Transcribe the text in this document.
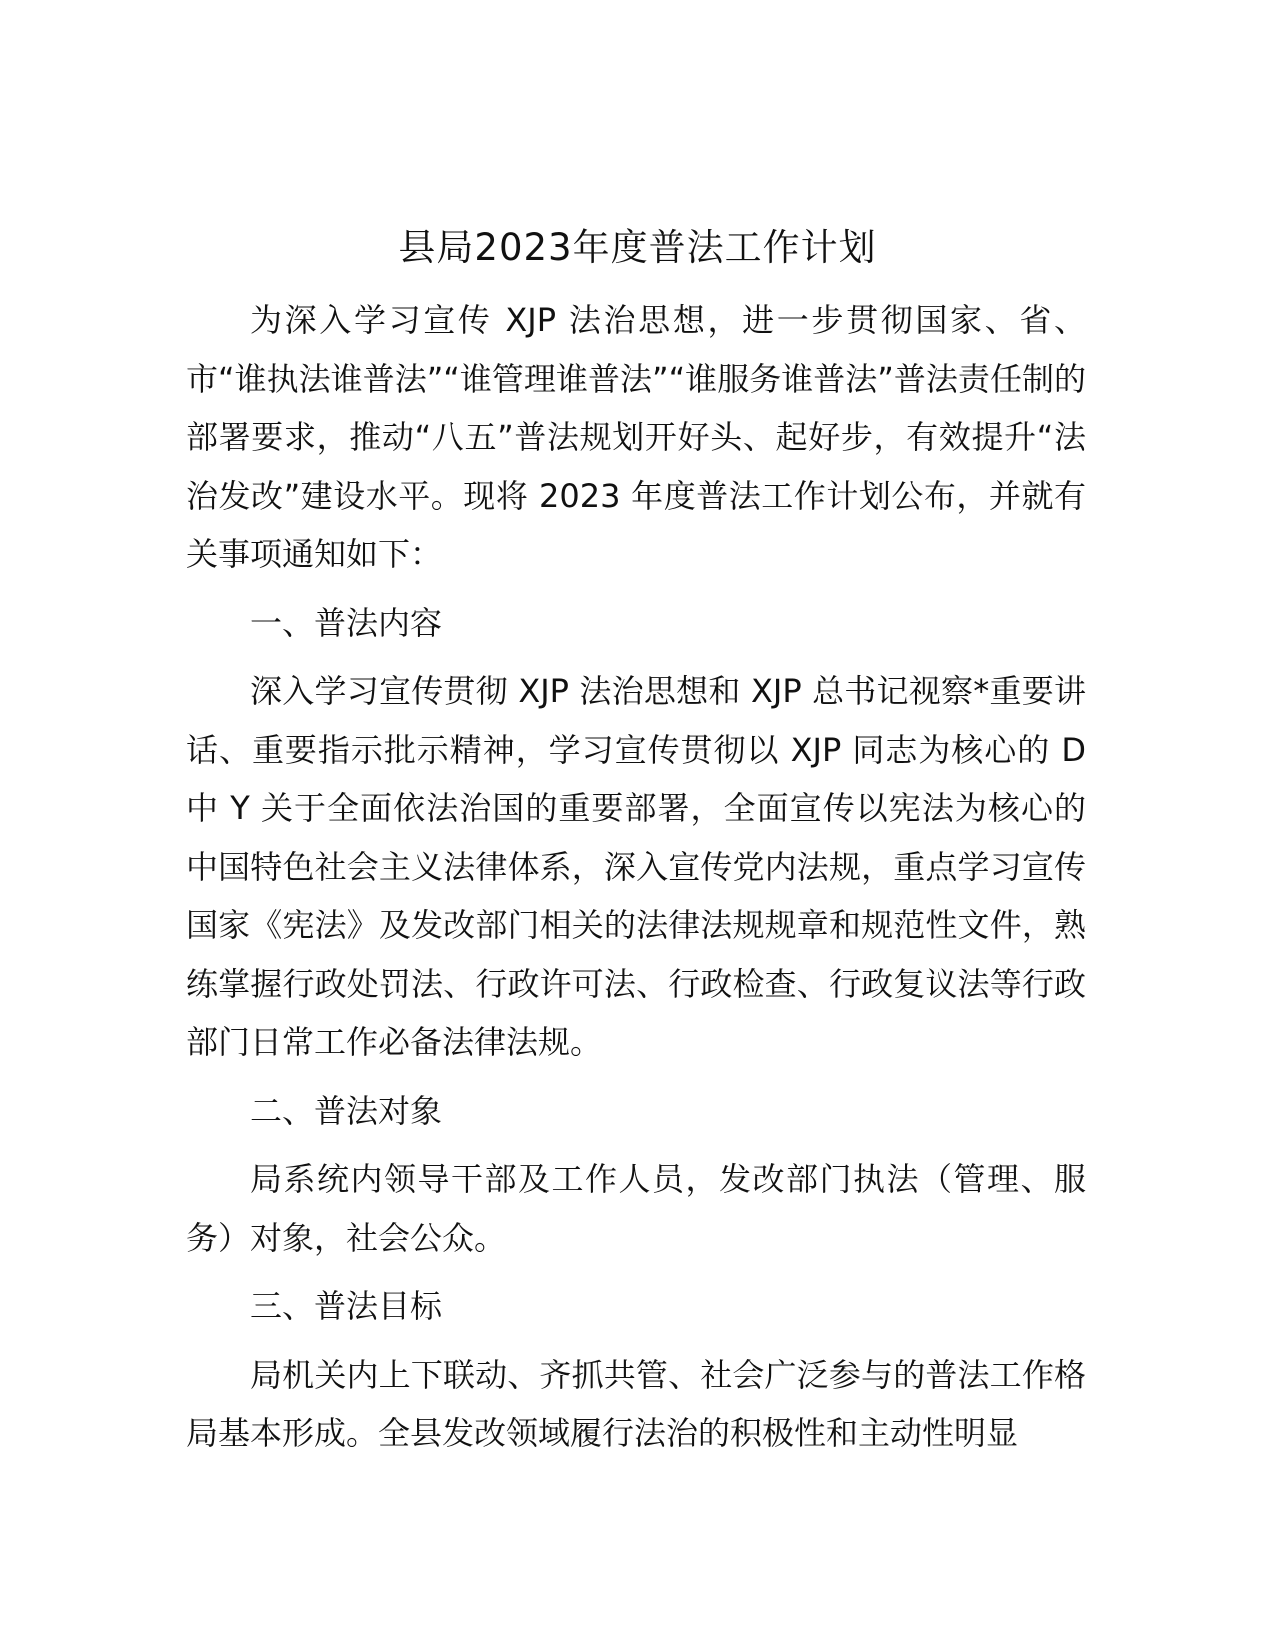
县局2023年度普法工作计划

为深入学习宣传 XJP 法治思想，进一步贯彻国家、省、市“谁执法谁普法”“谁管理谁普法”“谁服务谁普法”普法责任制的部署要求，推动“八五”普法规划开好头、起好步，有效提升“法治发改”建设水平。现将 2023 年度普法工作计划公布，并就有关事项通知如下：

一、普法内容

深入学习宣传贯彻 XJP 法治思想和 XJP 总书记视察*重要讲话、重要指示批示精神，学习宣传贯彻以 XJP 同志为核心的 D 中 Y 关于全面依法治国的重要部署，全面宣传以宪法为核心的中国特色社会主义法律体系，深入宣传党内法规，重点学习宣传国家《宪法》及发改部门相关的法律法规规章和规范性文件，熟练掌握行政处罚法、行政许可法、行政检查、行政复议法等行政部门日常工作必备法律法规。

二、普法对象

局系统内领导干部及工作人员，发改部门执法（管理、服务）对象，社会公众。

三、普法目标

局机关内上下联动、齐抓共管、社会广泛参与的普法工作格局基本形成。全县发改领域履行法治的积极性和主动性明显
